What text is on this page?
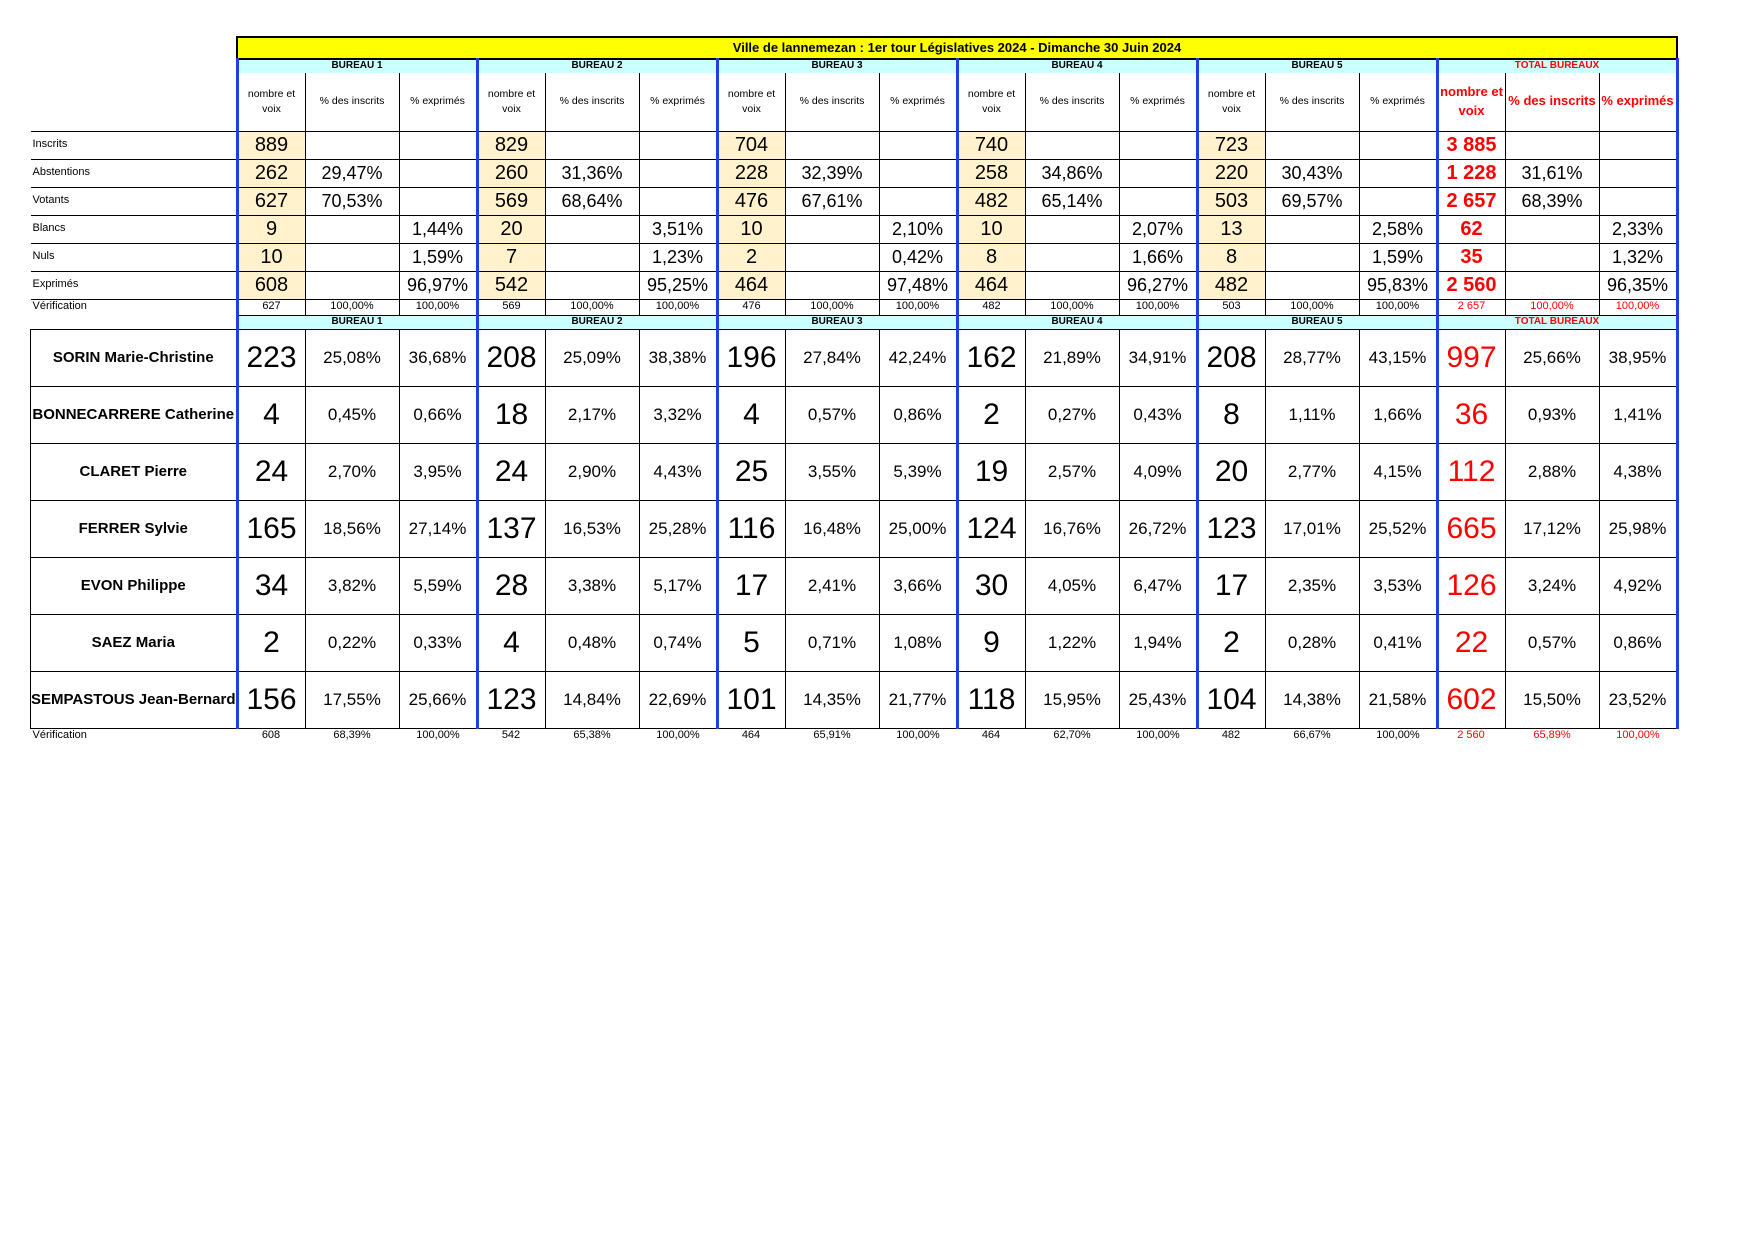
	Ville de lannemezan : 1er tour Législatives 2024 - Dimanche 30 Juin 2024																	
	BUREAU 1			BUREAU 2			BUREAU 3			BUREAU 4			BUREAU 5			TOTAL BUREAUX		
	nombre et voix	% des inscrits	% exprimés	nombre et voix	% des inscrits	% exprimés	nombre et voix	% des inscrits	% exprimés	nombre et voix	% des inscrits	% exprimés	nombre et voix	% des inscrits	% exprimés	nombre et voix	% des inscrits	% exprimés
Inscrits	889			829			704			740			723			3 885		
Abstentions	262	29,47%		260	31,36%		228	32,39%		258	34,86%		220	30,43%		1 228	31,61%	
Votants	627	70,53%		569	68,64%		476	67,61%		482	65,14%		503	69,57%		2 657	68,39%	
Blancs	9		1,44%	20		3,51%	10		2,10%	10		2,07%	13		2,58%	62		2,33%
Nuls	10		1,59%	7		1,23%	2		0,42%	8		1,66%	8		1,59%	35		1,32%
Exprimés	608		96,97%	542		95,25%	464		97,48%	464		96,27%	482		95,83%	2 560		96,35%
Vérification	627	100,00%	100,00%	569	100,00%	100,00%	476	100,00%	100,00%	482	100,00%	100,00%	503	100,00%	100,00%	2 657	100,00%	100,00%
	BUREAU 1			BUREAU 2			BUREAU 3			BUREAU 4			BUREAU 5			TOTAL BUREAUX		
SORIN Marie-Christine	223	25,08%	36,68%	208	25,09%	38,38%	196	27,84%	42,24%	162	21,89%	34,91%	208	28,77%	43,15%	997	25,66%	38,95%
BONNECARRERE Catherine	4	0,45%	0,66%	18	2,17%	3,32%	4	0,57%	0,86%	2	0,27%	0,43%	8	1,11%	1,66%	36	0,93%	1,41%
CLARET Pierre	24	2,70%	3,95%	24	2,90%	4,43%	25	3,55%	5,39%	19	2,57%	4,09%	20	2,77%	4,15%	112	2,88%	4,38%
FERRER Sylvie	165	18,56%	27,14%	137	16,53%	25,28%	116	16,48%	25,00%	124	16,76%	26,72%	123	17,01%	25,52%	665	17,12%	25,98%
EVON Philippe	34	3,82%	5,59%	28	3,38%	5,17%	17	2,41%	3,66%	30	4,05%	6,47%	17	2,35%	3,53%	126	3,24%	4,92%
SAEZ Maria	2	0,22%	0,33%	4	0,48%	0,74%	5	0,71%	1,08%	9	1,22%	1,94%	2	0,28%	0,41%	22	0,57%	0,86%
SEMPASTOUS Jean-Bernard	156	17,55%	25,66%	123	14,84%	22,69%	101	14,35%	21,77%	118	15,95%	25,43%	104	14,38%	21,58%	602	15,50%	23,52%
Vérification	608	68,39%	100,00%	542	65,38%	100,00%	464	65,91%	100,00%	464	62,70%	100,00%	482	66,67%	100,00%	2 560	65,89%	100,00%
